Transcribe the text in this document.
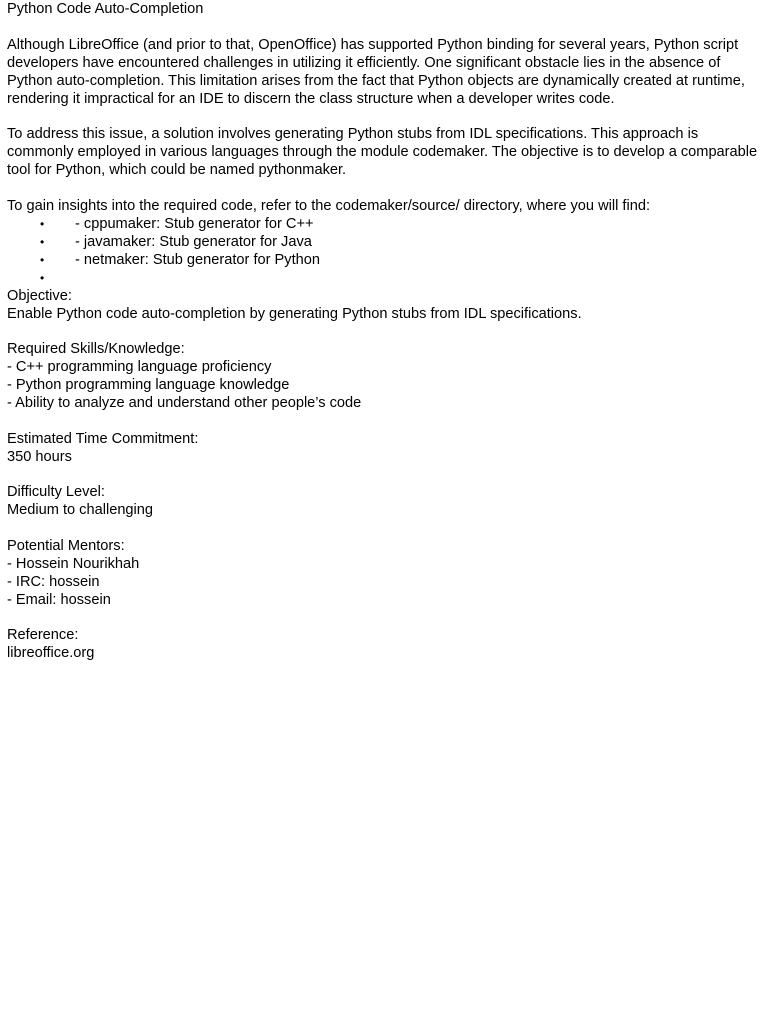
Python Code Auto-Completion
Although LibreOffice (and prior to that, OpenOffice) has supported Python binding for several years, Python script developers have encountered challenges in utilizing it efficiently. One significant obstacle lies in the absence of Python auto-completion. This limitation arises from the fact that Python objects are dynamically created at runtime, rendering it impractical for an IDE to discern the class structure when a developer writes code.
To address this issue, a solution involves generating Python stubs from IDL specifications. This approach is commonly employed in various languages through the module codemaker. The objective is to develop a comparable tool for Python, which could be named pythonmaker.
To gain insights into the required code, refer to the codemaker/source/ directory, where you will find:
• - cppumaker: Stub generator for C++
• - javamaker: Stub generator for Java
• - netmaker: Stub generator for Python
•
Objective:
Enable Python code auto-completion by generating Python stubs from IDL specifications.
Required Skills/Knowledge:
- C++ programming language proficiency
- Python programming language knowledge
- Ability to analyze and understand other people’s code
Estimated Time Commitment:
350 hours
Difficulty Level:
Medium to challenging
Potential Mentors:
- Hossein Nourikhah
- IRC: hossein
- Email: hossein
Reference:
libreoffice.org
